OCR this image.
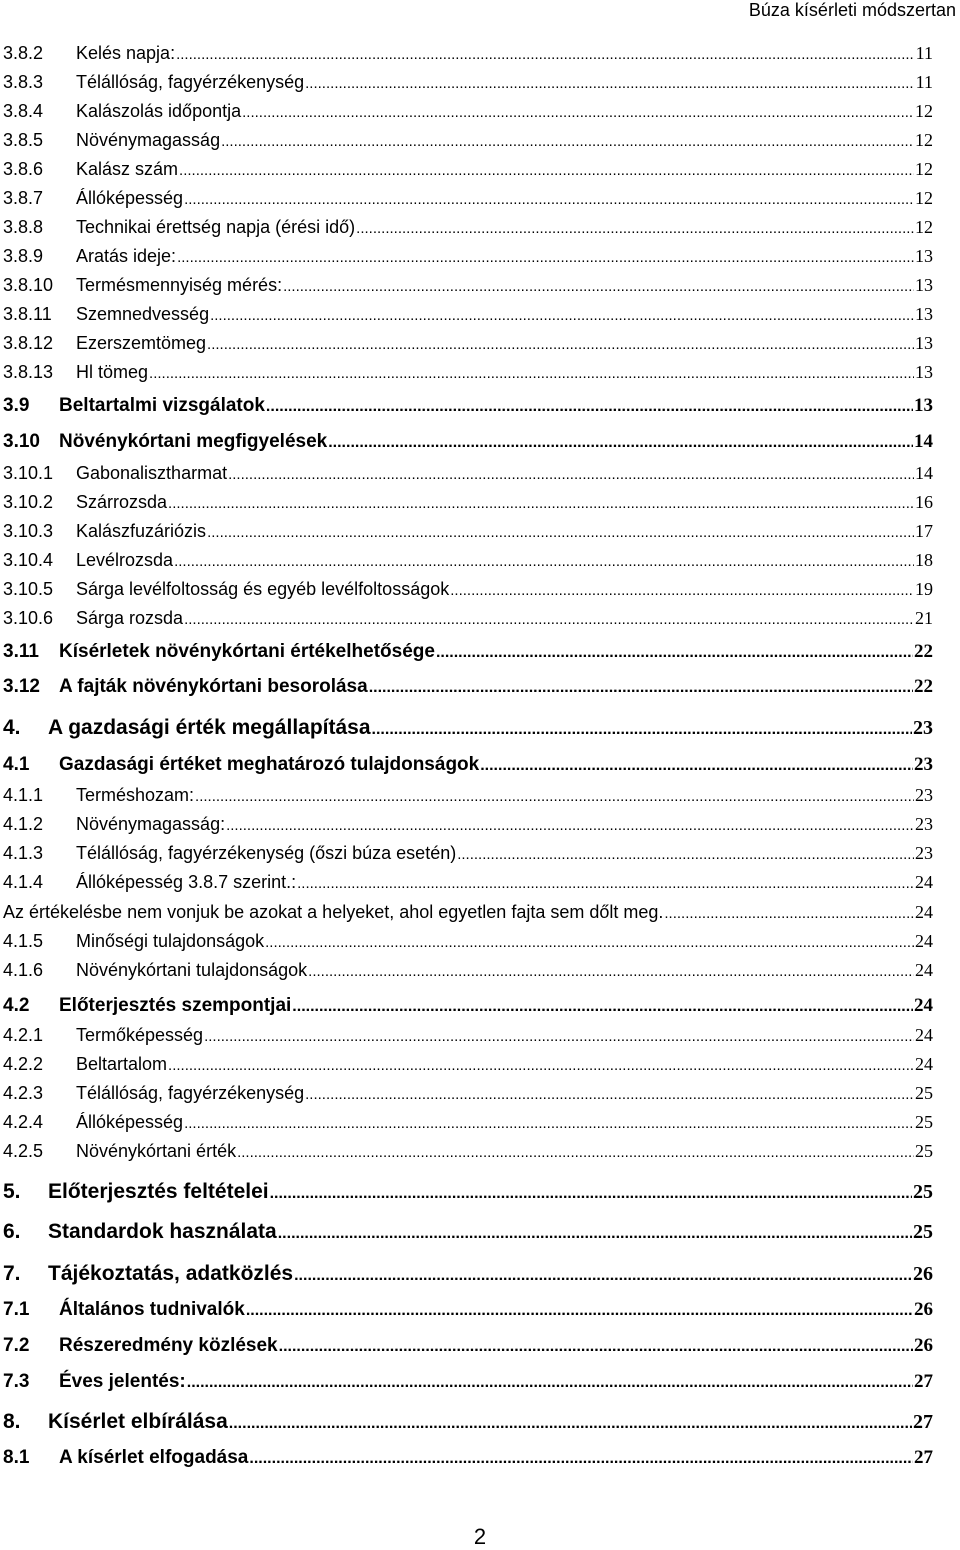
Búza kísérleti módszertan
3.8.2	Kelés napja: .....	11
3.8.3	Télállóság, fagyérzékenység .....	11
3.8.4	Kalászolás időpontja .....	12
3.8.5	Növénymagasság .....	12
3.8.6	Kalász szám .....	12
3.8.7	Állóképesség .....	12
3.8.8	Technikai érettség napja (érési idő) .....	12
3.8.9	Aratás ideje: .....	13
3.8.10	Termésmennyiség mérés: .....	13
3.8.11	Szemnedvesség .....	13
3.8.12	Ezerszemtömeg .....	13
3.8.13	Hl tömeg .....	13
3.9	Beltartalmi vizsgálatok .....	13
3.10	Növénykórtani megfigyelések .....	14
3.10.1	Gabonalisztharmat .....	14
3.10.2	Szárrozsda .....	16
3.10.3	Kalászfuzáriózis .....	17
3.10.4	Levélrozsda .....	18
3.10.5	Sárga levélfoltosság és egyéb levélfoltosságok .....	19
3.10.6	Sárga rozsda .....	21
3.11	Kísérletek növénykórtani értékelhetősége .....	22
3.12	A fajták növénykórtani besorolása .....	22
4.	A gazdasági érték megállapítása .....	23
4.1	Gazdasági értéket meghatározó tulajdonságok .....	23
4.1.1	Terméshozam: .....	23
4.1.2	Növénymagasság: .....	23
4.1.3	Télállóság, fagyérzékenység (őszi búza esetén) .....	23
4.1.4	Állóképesség 3.8.7 szerint.: .....	24
Az értékelésbe nem vonjuk be azokat a helyeket, ahol egyetlen fajta sem dőlt meg. .....	24
4.1.5	Minőségi tulajdonságok .....	24
4.1.6	Növénykórtani tulajdonságok .....	24
4.2	Előterjesztés szempontjai .....	24
4.2.1	Termőképesség .....	24
4.2.2	Beltartalom .....	24
4.2.3	Télállóság, fagyérzékenység .....	25
4.2.4	Állóképesség .....	25
4.2.5	Növénykórtani érték .....	25
5.	Előterjesztés feltételei .....	25
6.	Standardok használata .....	25
7.	Tájékoztatás, adatközlés .....	26
7.1	Általános tudnivalók .....	26
7.2	Részeredmény közlések .....	26
7.3	Éves jelentés: .....	27
8.	Kísérlet elbírálása .....	27
8.1	A kísérlet elfogadása .....	27
2
